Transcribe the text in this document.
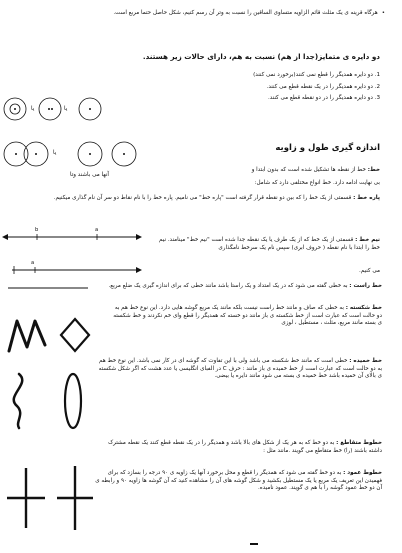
• هرگاه قرینه ی یک مثلث قائم الزاویه متساوی الساقین را نسبت به وتر آن رسم کنیم، شکل حاصل حتما مربع است.
دو دایره ی متمایز(جدا از هم) نسبت به هم، دارای حالات زیر هستند.
1. دو دایره همدیگر را قطع نمی کنند(برخورد نمی کنند)
2. دو دایره همدیگر را در یک نقطه قطع می کنند.
3. دو دایره همدیگر را در دو نقطه قطع می کنند.
یا	یا
یا
آنها می باشند وتا
اندازه گیری طول و زاویه
خط: خط از نقطه ها تشکیل شده است که بدون ابتدا و
بی نهایت ادامه دارد. خط انواع مختلفی دارد که شامل:
پاره خط : قسمتی از یک خط را که بین دو نقطه قرار گرفته است "پاره خط" می نامیم. پاره خط را با نام نقاط دو سر آن نام گذاری میکنیم.
b	a
نیم خط : قسمتی از یک خط که از یک طرف یا یک نقطه جدا شده است "نیم خط" مینامند. نیم خط را ابتدا با نام نقطه ( حروف ابری) سپس نام یک سرخط نامگذاری
می کنیم.
a
خط راست : به خطی گفته می شود که در یک امتداد و یک راستا باشد مانند خطی که برای اندازه گیری یک ضلع مربع.
خط شکسته : به خطی که صاف و مانند خط راست نیست بلکه مانند یک مربع گوشه هایی دارد. این نوع خط هم به دو حالت است که عبارت است از خط شکسته ی باز مانند دو خسته که همدیگر را قطع وای خم نکردند و خط شکسته ی بسته مانند مربع، مثلث ، مستطیل ، لوزی
خط خمیده : خطی است که مانند خط شکسته می باشد ولی با این تفاوت که گوشه ای در کار نمی باشد. این نوع خط هم به دو حالت است که عبارت است از خط خمیده ی باز مانند : حرف C در الفبای انگلیسی یا عدد هشت که اگر شکل شکسته ی بالای آن خمیده باشد خط خمیده ی بسته می شود مانند دایره یا بیضی.
خطوط متقاطع : به دو خط که به هر یک از شکل های بالا باشد و همدیگر را در یک نقطه قطع کنند یک نقطه مشترک داشته باشند (را) خط متقاطع می گویند .مانند مثل :
خطوط عمود : به دو خط گفته می شود که همدیگر را قطع و محل برخورد آنها یک زاویه ی ۹۰ درجه را بسازد که برای فهمیدن این تعریف یک مربع یا یک مستطیل بکشید و شکل گوشه های آن را مشاهده کنید که آن گوشه ها زاویه ۹۰ و رابطه ی آن دو خط عمود گوشه را با هم ی گویند. عمود نامیده.
